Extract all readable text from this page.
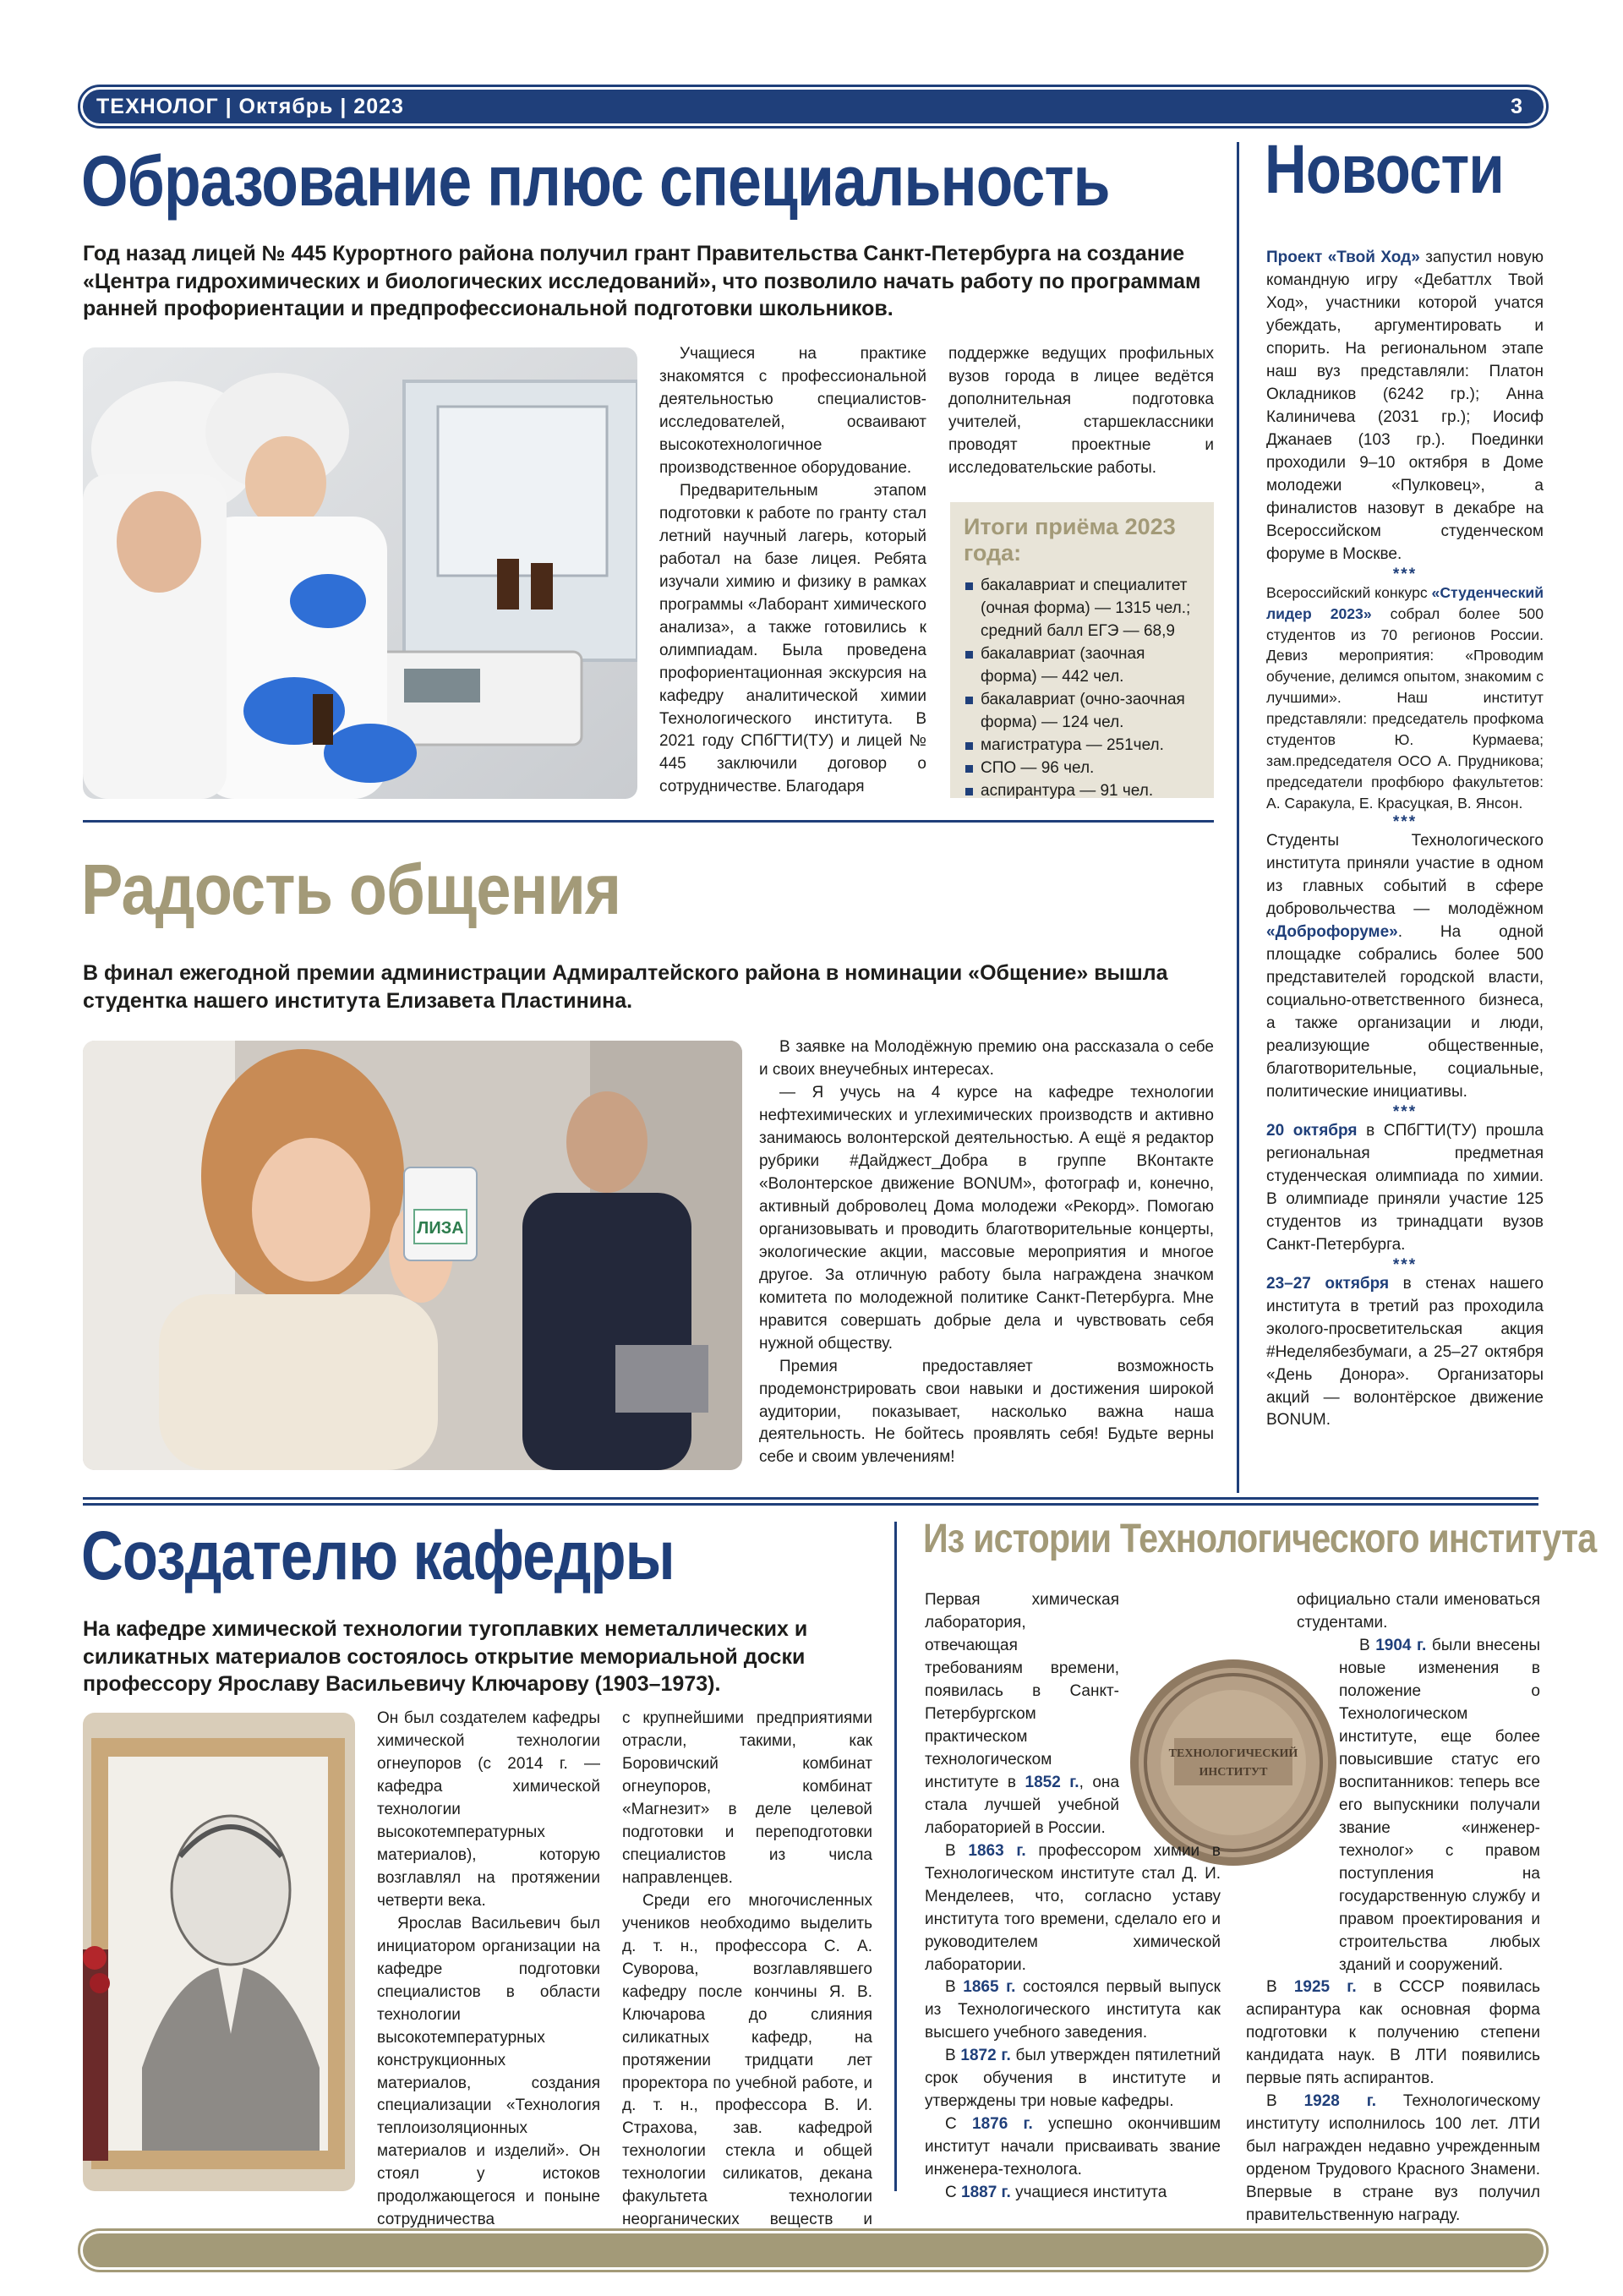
ТЕХНОЛОГ | Октябрь | 2023	3
Образование плюс специальность
Год назад лицей № 445 Курортного района получил грант Правительства Санкт-Петербурга на создание «Центра гидрохимических и биологических исследований», что позволило начать работу по программам ранней профориентации и предпрофессиональной подготовки школьников.

Учащиеся на практике знакомятся с профессиональной деятельностью специалистов-исследователей, осваивают высокотехнологичное производственное оборудование.

Предварительным этапом подготовки к работе по гранту стал летний научный лагерь, который работал на базе лицея. Ребята изучали химию и физику в рамках программы «Лаборант химического анализа», а также готовились к олимпиадам. Была проведена профориентационная экскурсия на кафедру аналитической химии Технологического института. В 2021 году СПбГТИ(ТУ) и лицей № 445 заключили договор о сотрудничестве. Благодаря

поддержке ведущих профильных вузов города в лицее ведётся дополнительная подготовка учителей, старшеклассники проводят проектные и исследовательские работы.

Итоги приёма 2023 года:
бакалавриат и специалитет (очная форма) — 1315 чел.; средний балл ЕГЭ — 68,9
бакалавриат (заочная форма) — 442 чел.
бакалавриат (очно-заочная форма) — 124 чел.
магистратура — 251чел.
СПО — 96 чел.
аспирантура — 91 чел.
Радость общения
В финал ежегодной премии администрации Адмиралтейского района в номинации «Общение» вышла студентка нашего института Елизавета Пластинина.
ЛИЗА

В заявке на Молодёжную премию она рассказала о себе и своих внеучебных интересах.

— Я учусь на 4 курсе на кафедре технологии нефтехимических и углехимических производств и активно занимаюсь волонтерской деятельностью. А ещё я редактор рубрики #Дайджест_Добра в группе ВКонтакте «Волонтерское движение BONUM», фотограф и, конечно, активный доброволец Дома молодежи «Рекорд». Помогаю организовывать и проводить благотворительные концерты, экологические акции, массовые мероприятия и многое другое. За отличную работу была награждена значком комитета по молодежной политике Санкт-Петербурга. Мне нравится совершать добрые дела и чувствовать себя нужной обществу.

Премия предоставляет возможность продемонстрировать свои навыки и достижения широкой аудитории, показывает, насколько важна наша деятельность. Не бойтесь проявлять себя! Будьте верны себе и своим увлечениям!

Новости

Проект «Твой Ход» запустил новую командную игру «Дебаттлх Твой Ход», участники которой учатся убеждать, аргументировать и спорить. На региональном этапе наш вуз представляли: Платон Окладников (6242 гр.); Анна Калиничева (2031 гр.); Иосиф Джанаев (103 гр.). Поединки проходили 9–10 октября в Доме молодежи «Пулковец», а финалистов назовут в декабре на Всероссийском студенческом форуме в Москве.

***

Всероссийский конкурс «Студенческий лидер 2023» собрал более 500 студентов из 70 регионов России. Девиз мероприятия: «Проводим обучение, делимся опытом, знакомим с лучшими». Наш институт представляли: председатель профкома студентов Ю. Курмаева; зам.председателя ОСО А. Прудникова; председатели профбюро факультетов: А. Саракула, Е. Красуцкая, В. Янсон.

***

Студенты Технологического института приняли участие в одном из главных событий в сфере добровольчества — молодёжном «Доброфоруме». На одной площадке собрались более 500 представителей городской власти, социально-ответственного бизнеса, а также организации и люди, реализующие общественные, благотворительные, социальные, политические инициативы.

***

20 октября в СПбГТИ(ТУ) прошла региональная предметная студенческая олимпиада по химии. В олимпиаде приняли участие 125 студентов из тринадцати вузов Санкт-Петербурга.

***

23–27 октября в стенах нашего института в третий раз проходила эколого-просветительская акция #Неделябезбумаги, а 25–27 октября «День Донора». Организаторы акций — волонтёрское движение BONUM.

Создателю кафедры
На кафедре химической технологии тугоплавких неметаллических и силикатных материалов состоялось открытие мемориальной доски профессору Ярославу Васильевичу Ключарову (1903–1973).

Он был создателем кафедры химической технологии огнеупоров (с 2014 г. — кафедра химической технологии высокотемпературных материалов), которую возглавлял на протяжении четверти века.

Ярослав Васильевич был инициатором организации на кафедре подготовки специалистов в области технологии высокотемпературных конструкционных материалов, создания специализации «Технология теплоизоляционных материалов и изделий». Он стоял у истоков продолжающегося и поныне сотрудничества

с крупнейшими предприятиями отрасли, такими, как Боровичский комбинат огнеупоров, комбинат «Магнезит» в деле целевой подготовки и переподготовки специалистов из числа направленцев.

Среди его многочисленных учеников необходимо выделить д. т. н., профессора С. А. Суворова, возглавлявшего кафедру после кончины Я. В. Ключарова до слияния силикатных кафедр, на протяжении тридцати лет проректора по учебной работе, и д. т. н., профессора В. И. Страхова, зав. кафедрой технологии стекла и общей технологии силикатов, декана факультета технологии неорганических веществ и

Из истории Технологического института
ТЕХНОЛОГИЧЕСКИЙ
ИНСТИТУТ

Первая химическая лаборатория, отвечающая требованиям времени, появилась в Санкт-Петербургском практическом технологическом институте в 1852 г., она стала лучшей учебной лабораторией в России.

В 1863 г. профессором химии в Технологическом институте стал Д. И. Менделеев, что, согласно уставу института того времени, сделало его и руководителем химической лаборатории.

В 1865 г. состоялся первый выпуск из Технологического института как высшего учебного заведения.

В 1872 г. был утвержден пятилетний срок обучения в институте и утверждены три новые кафедры.

С 1876 г. успешно окончившим институт начали присваивать звание инженера-технолога.

С 1887 г. учащиеся института

официально стали именоваться студентами.

В 1904 г. были внесены новые изменения в положение о Технологическом институте, еще более повысившие статус его воспитанников: теперь все его выпускники получали звание «инженер-технолог» с правом поступления на государственную службу и правом проектирования и строительства любых зданий и сооружений.

В 1925 г. в СССР появилась аспирантура как основная форма подготовки к получению степени кандидата наук. В ЛТИ появились первые пять аспирантов.

В 1928 г. Технологическому институту исполнилось 100 лет. ЛТИ был награжден недавно учрежденным орденом Трудового Красного Знамени. Впервые в стране вуз получил правительственную награду.
